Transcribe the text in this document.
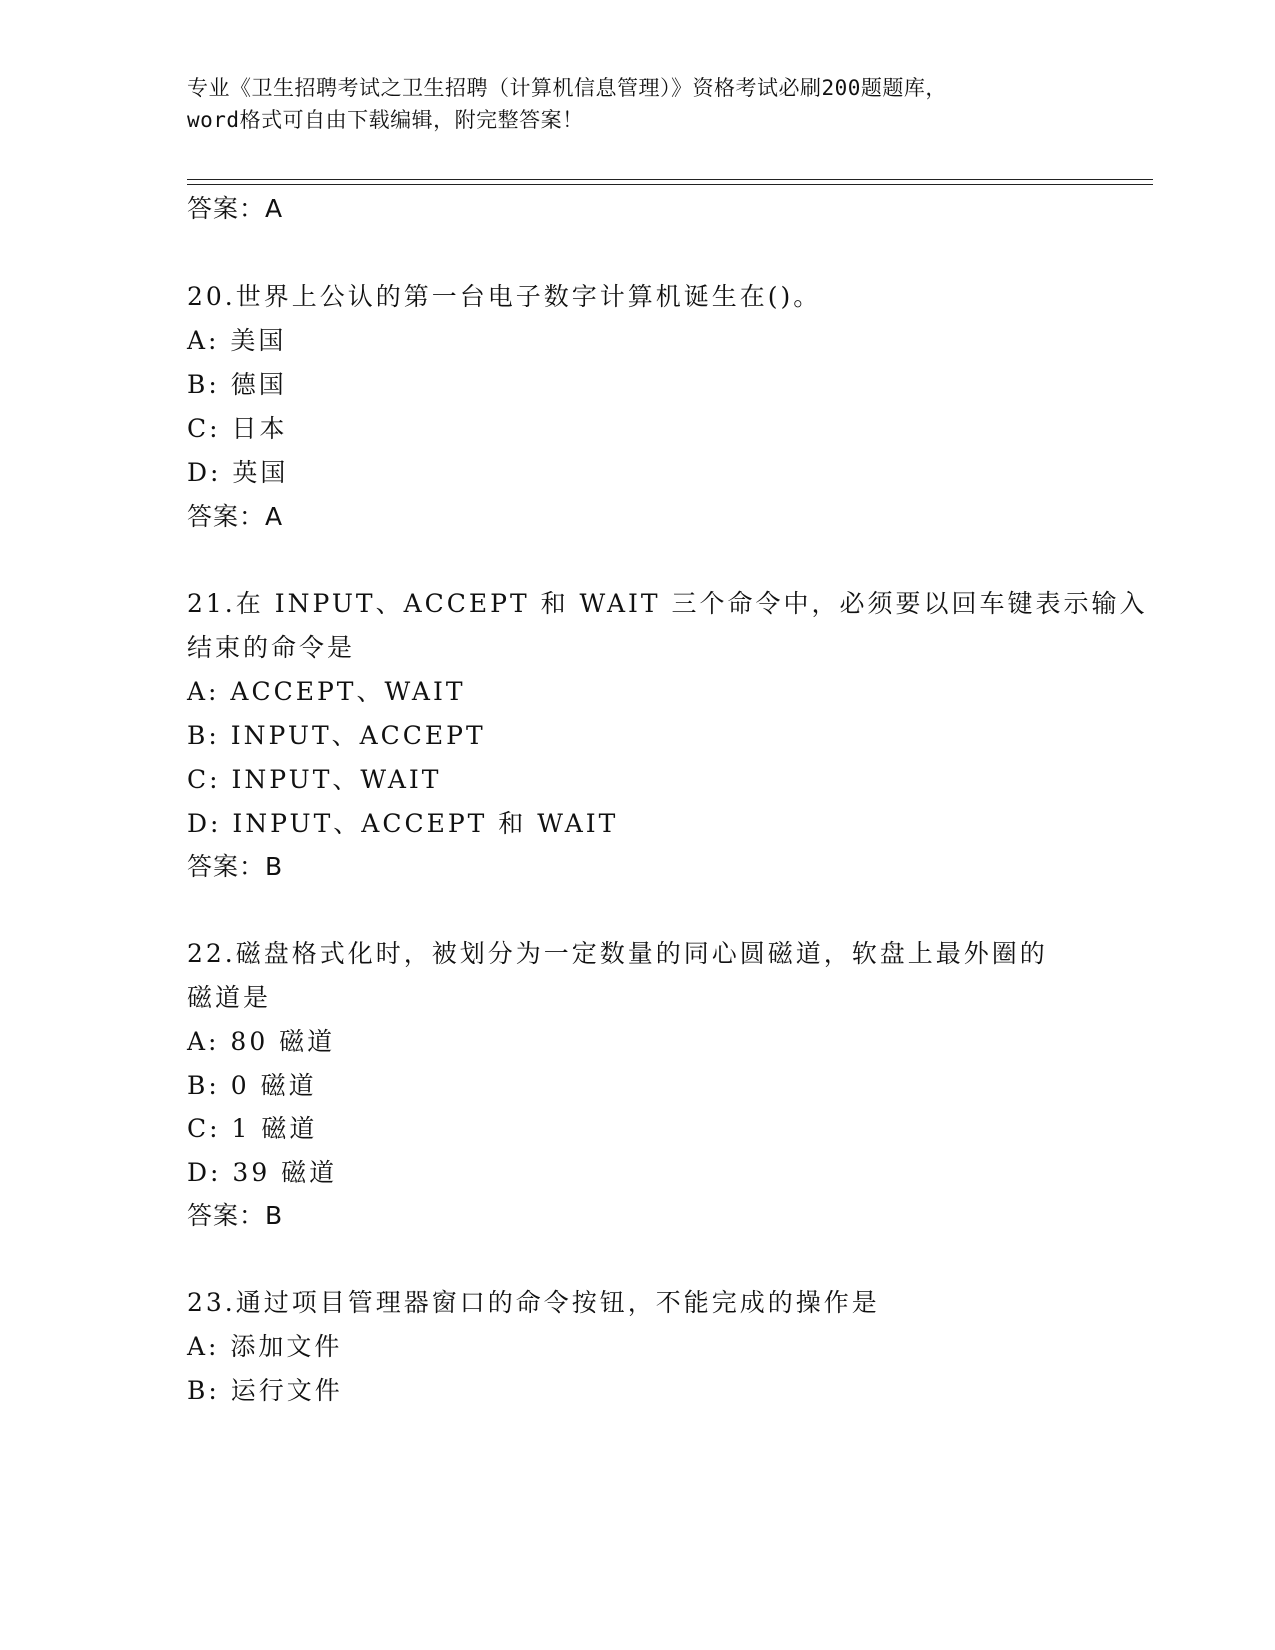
专业《卫生招聘考试之卫生招聘（计算机信息管理）》资格考试必刷200题题库，
word格式可自由下载编辑，附完整答案！
答案：A
20.世界上公认的第一台电子数字计算机诞生在()。
A: 美国
B: 德国
C: 日本
D: 英国
答案：A
21.在 INPUT、ACCEPT 和 WAIT 三个命令中，必须要以回车键表示输入
结束的命令是
A: ACCEPT、WAIT
B: INPUT、ACCEPT
C: INPUT、WAIT
D: INPUT、ACCEPT 和 WAIT
答案：B
22.磁盘格式化时，被划分为一定数量的同心圆磁道，软盘上最外圈的
磁道是
A: 80 磁道
B: 0 磁道
C: 1 磁道
D: 39 磁道
答案：B
23.通过项目管理器窗口的命令按钮，不能完成的操作是
A: 添加文件
B: 运行文件
